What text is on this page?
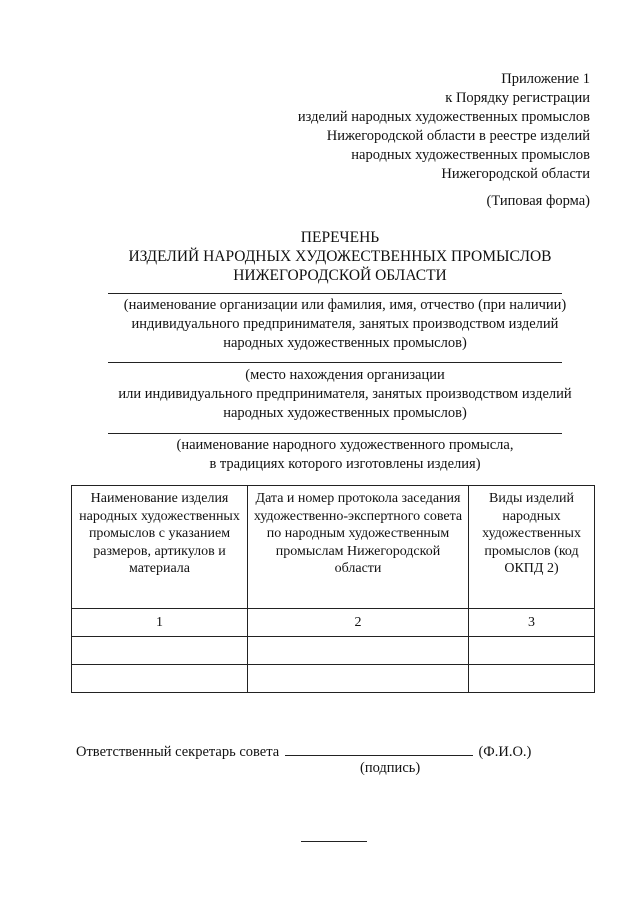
Приложение 1
к Порядку регистрации
изделий народных художественных промыслов
Нижегородской области в реестре изделий
народных художественных промыслов
Нижегородской области
(Типовая форма)
ПЕРЕЧЕНЬ
ИЗДЕЛИЙ НАРОДНЫХ ХУДОЖЕСТВЕННЫХ ПРОМЫСЛОВ
НИЖЕГОРОДСКОЙ ОБЛАСТИ
(наименование организации или фамилия, имя, отчество (при наличии)
индивидуального предпринимателя, занятых производством изделий
народных художественных промыслов)
(место нахождения организации
или индивидуального предпринимателя, занятых производством изделий
народных художественных промыслов)
(наименование народного художественного промысла,
в традициях которого изготовлены изделия)
Наименование изделия народных художественных промыслов с указанием размеров, артикулов и материала	Дата и номер протокола заседания художественно-экспертного совета по народным художественным промыслам Нижегородской области	Виды изделий народных художественных промыслов (код ОКПД 2)
1	2	3

Ответственный секретарь совета	(Ф.И.О.)
(подпись)
